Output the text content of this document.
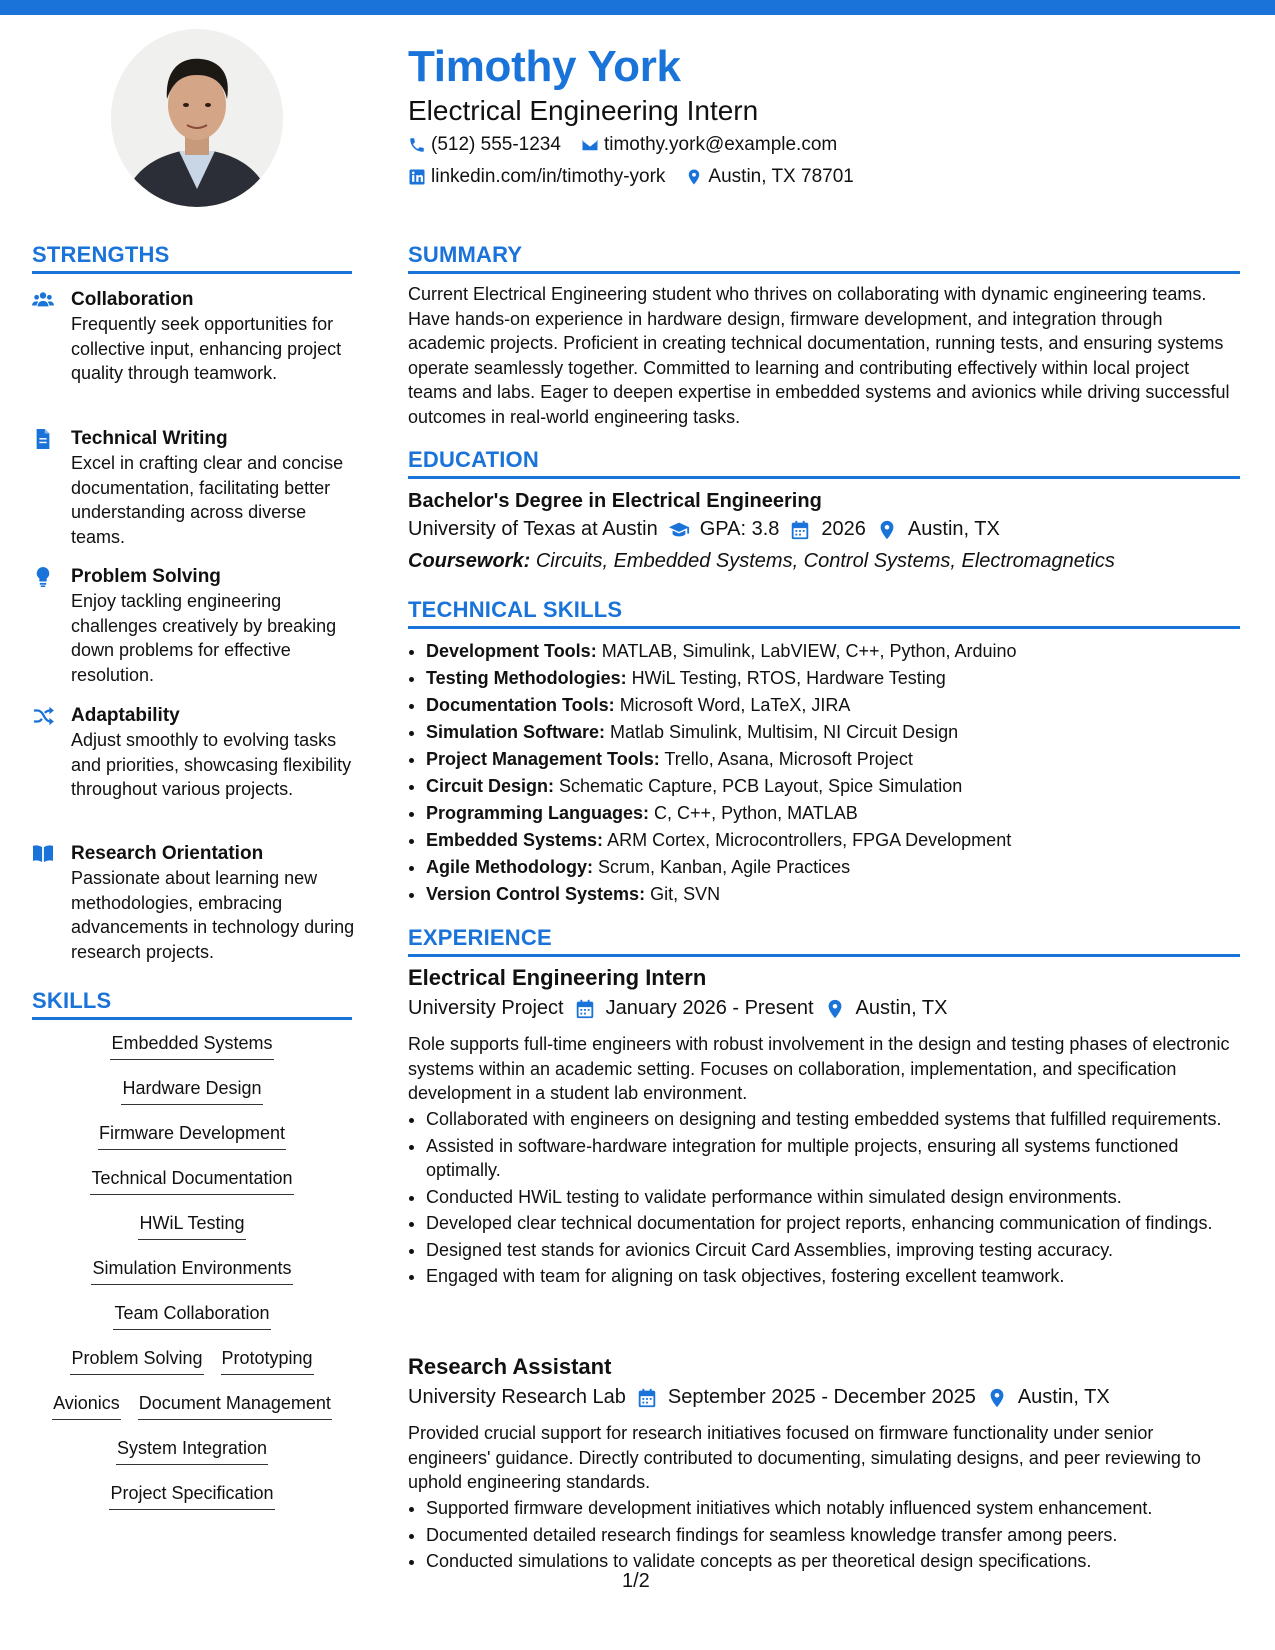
Timothy York
Electrical Engineering Intern
(512) 555-1234 timothy.york@example.com
linkedin.com/in/timothy-york Austin, TX 78701
STRENGTHS
Collaboration
Frequently seek opportunities for collective input, enhancing project quality through teamwork.
Technical Writing
Excel in crafting clear and concise documentation, facilitating better understanding across diverse teams.
Problem Solving
Enjoy tackling engineering challenges creatively by breaking down problems for effective resolution.
Adaptability
Adjust smoothly to evolving tasks and priorities, showcasing flexibility throughout various projects.
Research Orientation
Passionate about learning new methodologies, embracing advancements in technology during research projects.
SKILLS
Embedded Systems
Hardware Design
Firmware Development
Technical Documentation
HWiL Testing
Simulation Environments
Team Collaboration
Problem Solving Prototyping
Avionics Document Management
System Integration
Project Specification
SUMMARY
Current Electrical Engineering student who thrives on collaborating with dynamic engineering teams. Have hands-on experience in hardware design, firmware development, and integration through academic projects. Proficient in creating technical documentation, running tests, and ensuring systems operate seamlessly together. Committed to learning and contributing effectively within local project teams and labs. Eager to deepen expertise in embedded systems and avionics while driving successful outcomes in real-world engineering tasks.
EDUCATION
Bachelor's Degree in Electrical Engineering
University of Texas at Austin GPA: 3.8 2026 Austin, TX
Coursework: Circuits, Embedded Systems, Control Systems, Electromagnetics
TECHNICAL SKILLS
• Development Tools: MATLAB, Simulink, LabVIEW, C++, Python, Arduino
• Testing Methodologies: HWiL Testing, RTOS, Hardware Testing
• Documentation Tools: Microsoft Word, LaTeX, JIRA
• Simulation Software: Matlab Simulink, Multisim, NI Circuit Design
• Project Management Tools: Trello, Asana, Microsoft Project
• Circuit Design: Schematic Capture, PCB Layout, Spice Simulation
• Programming Languages: C, C++, Python, MATLAB
• Embedded Systems: ARM Cortex, Microcontrollers, FPGA Development
• Agile Methodology: Scrum, Kanban, Agile Practices
• Version Control Systems: Git, SVN
EXPERIENCE
Electrical Engineering Intern
University Project January 2026 - Present Austin, TX
Role supports full-time engineers with robust involvement in the design and testing phases of electronic systems within an academic setting. Focuses on collaboration, implementation, and specification development in a student lab environment.
• Collaborated with engineers on designing and testing embedded systems that fulfilled requirements.
• Assisted in software-hardware integration for multiple projects, ensuring all systems functioned optimally.
• Conducted HWiL testing to validate performance within simulated design environments.
• Developed clear technical documentation for project reports, enhancing communication of findings.
• Designed test stands for avionics Circuit Card Assemblies, improving testing accuracy.
• Engaged with team for aligning on task objectives, fostering excellent teamwork.
Research Assistant
University Research Lab September 2025 - December 2025 Austin, TX
Provided crucial support for research initiatives focused on firmware functionality under senior engineers' guidance. Directly contributed to documenting, simulating designs, and peer reviewing to uphold engineering standards.
• Supported firmware development initiatives which notably influenced system enhancement.
• Documented detailed research findings for seamless knowledge transfer among peers.
• Conducted simulations to validate concepts as per theoretical design specifications.
1/2
